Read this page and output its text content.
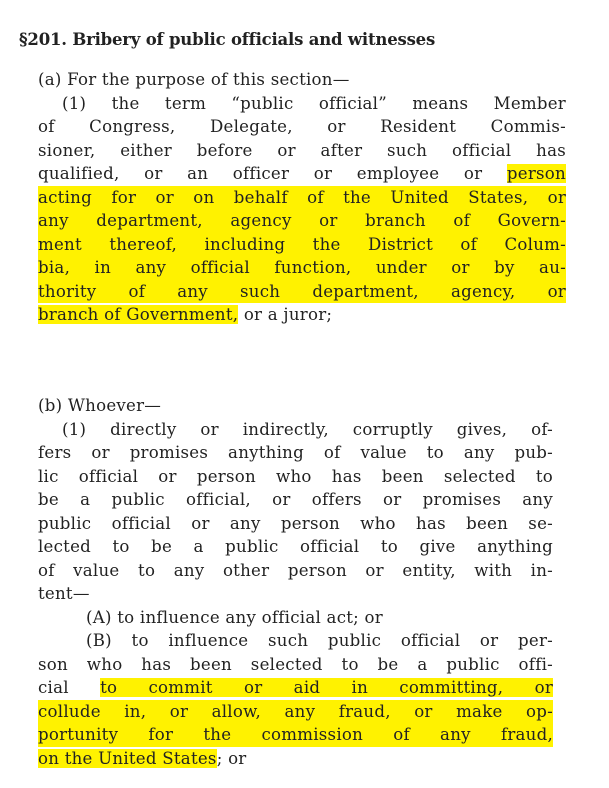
§201. Bribery of public officials and witnesses
(a) For the purpose of this section—
(1) the term “public official” means Member
of Congress, Delegate, or Resident Commis-
sioner, either before or after such official has
qualified, or an officer or employee or person
acting for or on behalf of the United States, or
any department, agency or branch of Govern-
ment thereof, including the District of Colum-
bia, in any official function, under or by au-
thority of any such department, agency, or
branch of Government, or a juror;
(b) Whoever—
(1) directly or indirectly, corruptly gives, of-
fers or promises anything of value to any pub-
lic official or person who has been selected to
be a public official, or offers or promises any
public official or any person who has been se-
lected to be a public official to give anything
of value to any other person or entity, with in-
tent—
(A) to influence any official act; or
(B) to influence such public official or per-
son who has been selected to be a public offi-
cial to commit or aid in committing, or
collude in, or allow, any fraud, or make op-
portunity for the commission of any fraud,
on the United States; or
